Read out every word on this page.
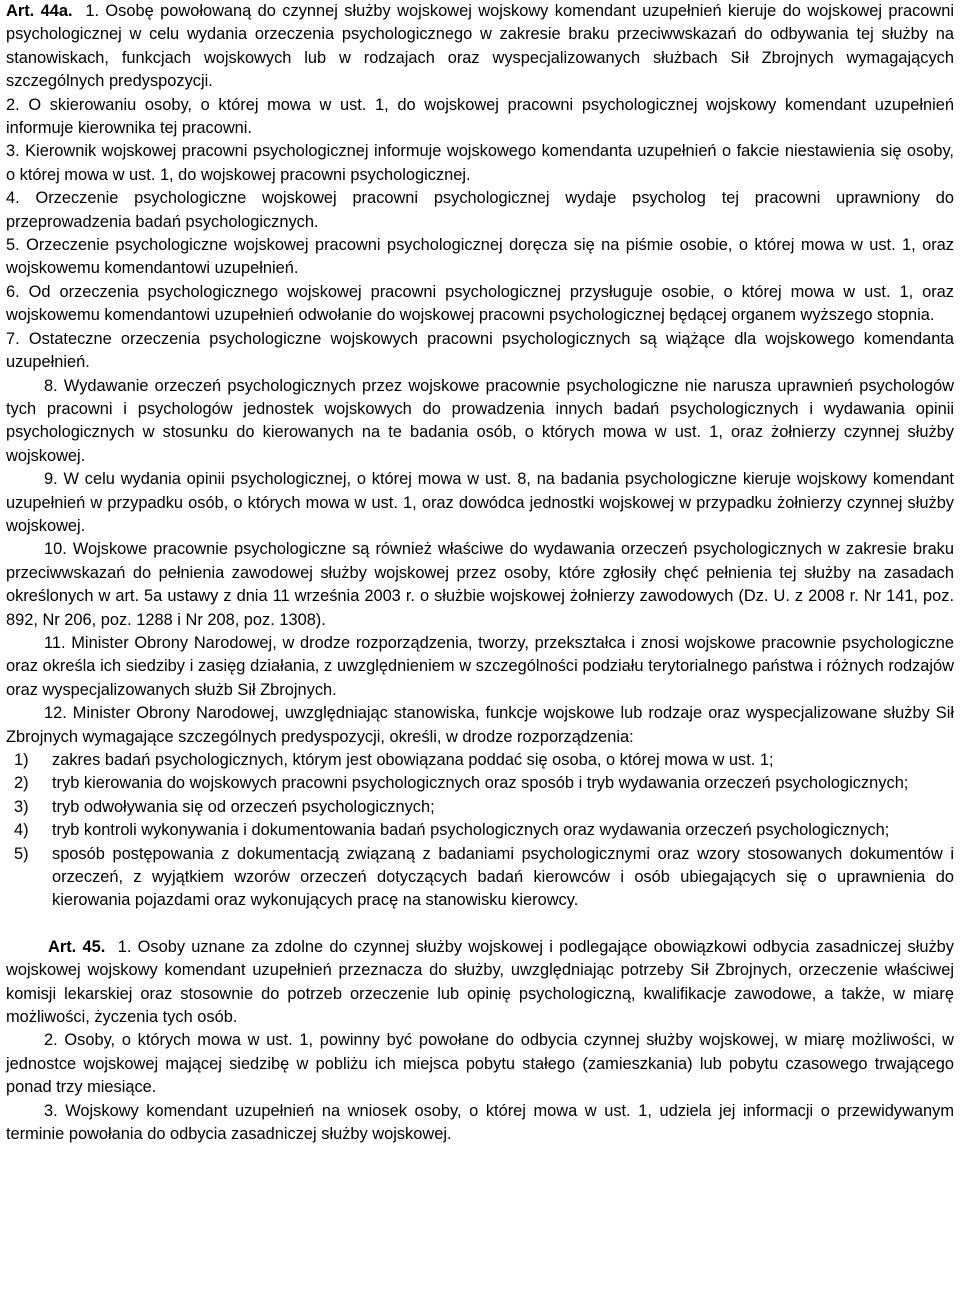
Art. 44a. 1. Osobę powołowaną do czynnej służby wojskowej wojskowy komendant uzupełnień kieruje do wojskowej pracowni psychologicznej w celu wydania orzeczenia psychologicznego w zakresie braku przeciwwskazań do odbywania tej służby na stanowiskach, funkcjach wojskowych lub w rodzajach oraz wyspecjalizowanych służbach Sił Zbrojnych wymagających szczególnych predyspozycji.

2. O skierowaniu osoby, o której mowa w ust. 1, do wojskowej pracowni psychologicznej wojskowy komendant uzupełnień informuje kierownika tej pracowni.

3. Kierownik wojskowej pracowni psychologicznej informuje wojskowego komendanta uzupełnień o fakcie niestawienia się osoby, o której mowa w ust. 1, do wojskowej pracowni psychologicznej.

4. Orzeczenie psychologiczne wojskowej pracowni psychologicznej wydaje psycholog tej pracowni uprawniony do przeprowadzenia badań psychologicznych.

5. Orzeczenie psychologiczne wojskowej pracowni psychologicznej doręcza się na piśmie osobie, o której mowa w ust. 1, oraz wojskowemu komendantowi uzupełnień.

6. Od orzeczenia psychologicznego wojskowej pracowni psychologicznej przysługuje osobie, o której mowa w ust. 1, oraz wojskowemu komendantowi uzupełnień odwołanie do wojskowej pracowni psychologicznej będącej organem wyższego stopnia.

7. Ostateczne orzeczenia psychologiczne wojskowych pracowni psychologicznych są wiążące dla wojskowego komendanta uzupełnień.

8. Wydawanie orzeczeń psychologicznych przez wojskowe pracownie psychologiczne nie narusza uprawnień psychologów tych pracowni i psychologów jednostek wojskowych do prowadzenia innych badań psychologicznych i wydawania opinii psychologicznych w stosunku do kierowanych na te badania osób, o których mowa w ust. 1, oraz żołnierzy czynnej służby wojskowej.

9. W celu wydania opinii psychologicznej, o której mowa w ust. 8, na badania psychologiczne kieruje wojskowy komendant uzupełnień w przypadku osób, o których mowa w ust. 1, oraz dowódca jednostki wojskowej w przypadku żołnierzy czynnej służby wojskowej.

10. Wojskowe pracownie psychologiczne są również właściwe do wydawania orzeczeń psychologicznych w zakresie braku przeciwwskazań do pełnienia zawodowej służby wojskowej przez osoby, które zgłosiły chęć pełnienia tej służby na zasadach określonych w art. 5a ustawy z dnia 11 września 2003 r. o służbie wojskowej żołnierzy zawodowych (Dz. U. z 2008 r. Nr 141, poz. 892, Nr 206, poz. 1288 i Nr 208, poz. 1308).

11. Minister Obrony Narodowej, w drodze rozporządzenia, tworzy, przekształca i znosi wojskowe pracownie psychologiczne oraz określa ich siedziby i zasięg działania, z uwzględnieniem w szczególności podziału terytorialnego państwa i różnych rodzajów oraz wyspecjalizowanych służb Sił Zbrojnych.

12. Minister Obrony Narodowej, uwzględniając stanowiska, funkcje wojskowe lub rodzaje oraz wyspecjalizowane służby Sił Zbrojnych wymagające szczególnych predyspozycji, określi, w drodze rozporządzenia:

1) zakres badań psychologicznych, którym jest obowiązana poddać się osoba, o której mowa w ust. 1;
2) tryb kierowania do wojskowych pracowni psychologicznych oraz sposób i tryb wydawania orzeczeń psychologicznych;
3) tryb odwoływania się od orzeczeń psychologicznych;
4) tryb kontroli wykonywania i dokumentowania badań psychologicznych oraz wydawania orzeczeń psychologicznych;
5) sposób postępowania z dokumentacją związaną z badaniami psychologicznymi oraz wzory stosowanych dokumentów i orzeczeń, z wyjątkiem wzorów orzeczeń dotyczących badań kierowców i osób ubiegających się o uprawnienia do kierowania pojazdami oraz wykonujących pracę na stanowisku kierowcy.

Art. 45. 1. Osoby uznane za zdolne do czynnej służby wojskowej i podlegające obowiązkowi odbycia zasadniczej służby wojskowej wojskowy komendant uzupełnień przeznacza do służby, uwzględniając potrzeby Sił Zbrojnych, orzeczenie właściwej komisji lekarskiej oraz stosownie do potrzeb orzeczenie lub opinię psychologiczną, kwalifikacje zawodowe, a także, w miarę możliwości, życzenia tych osób.

2. Osoby, o których mowa w ust. 1, powinny być powołane do odbycia czynnej służby wojskowej, w miarę możliwości, w jednostce wojskowej mającej siedzibę w pobliżu ich miejsca pobytu stałego (zamieszkania) lub pobytu czasowego trwającego ponad trzy miesiące.

3. Wojskowy komendant uzupełnień na wniosek osoby, o której mowa w ust. 1, udziela jej informacji o przewidywanym terminie powołania do odbycia zasadniczej służby wojskowej.
